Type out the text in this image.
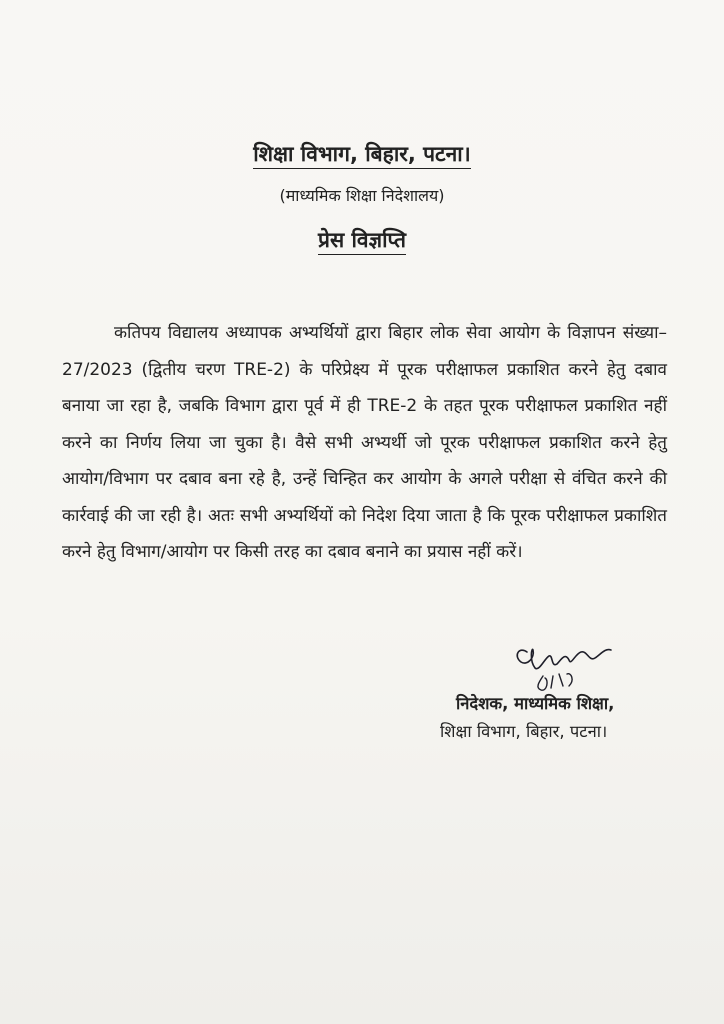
शिक्षा विभाग, बिहार, पटना।
(माध्यमिक शिक्षा निदेशालय)
प्रेस विज्ञप्ति

कतिपय विद्यालय अध्यापक अभ्यर्थियों द्वारा बिहार लोक सेवा आयोग के विज्ञापन संख्या–27/2023 (द्वितीय चरण TRE-2) के परिप्रेक्ष्य में पूरक परीक्षाफल प्रकाशित करने हेतु दबाव बनाया जा रहा है, जबकि विभाग द्वारा पूर्व में ही TRE-2 के तहत पूरक परीक्षाफल प्रकाशित नहीं करने का निर्णय लिया जा चुका है। वैसे सभी अभ्यर्थी जो पूरक परीक्षाफल प्रकाशित करने हेतु आयोग/विभाग पर दबाव बना रहे है, उन्हें चिन्हित कर आयोग के अगले परीक्षा से वंचित करने की कार्रवाई की जा रही है। अतः सभी अभ्यर्थियों को निदेश दिया जाता है कि पूरक परीक्षाफल प्रकाशित करने हेतु विभाग/आयोग पर किसी तरह का दबाव बनाने का प्रयास नहीं करें।

निदेशक, माध्यमिक शिक्षा,
शिक्षा विभाग, बिहार, पटना।
